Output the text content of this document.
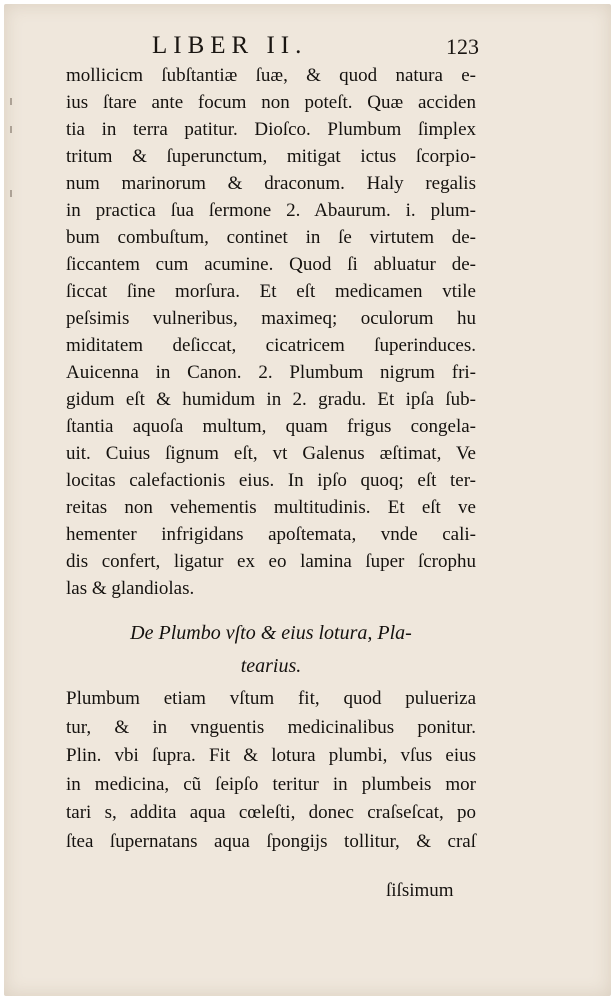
LIBER II.	123
mollicicm ſubſtantiæ ſuæ, & quod natura e-
ius ſtare ante focum non poteſt. Quæ acciden
tia in terra patitur. Dioſco. Plumbum ſimplex
tritum & ſuperunctum, mitigat ictus ſcorpio-
num marinorum & draconum. Haly regalis
in practica ſua ſermone 2. Abaurum. i. plum-
bum combuſtum, continet in ſe virtutem de-
ſiccantem cum acumine. Quod ſi abluatur de-
ſiccat ſine morſura. Et eſt medicamen vtile
peſsimis vulneribus, maximeq; oculorum hu
miditatem deſiccat, cicatricem ſuperinduces.
Auicenna in Canon. 2. Plumbum nigrum fri-
gidum eſt & humidum in 2. gradu. Et ipſa ſub-
ſtantia aquoſa multum, quam frigus congela-
uit. Cuius ſignum eſt, vt Galenus æſtimat, Ve
locitas calefactionis eius. In ipſo quoq; eſt ter-
reitas non vehementis multitudinis. Et eſt ve
hementer infrigidans apoſtemata, vnde cali-
dis confert, ligatur ex eo lamina ſuper ſcrophu
las & glandiolas.
De Plumbo vſto & eius lotura, Pla-
tearius.
Plumbum etiam vſtum fit, quod pulueriza
tur, & in vnguentis medicinalibus ponitur.
Plin. vbi ſupra. Fit & lotura plumbi, vſus eius
in medicina, cũ ſeipſo teritur in plumbeis mor
tari s, addita aqua cœleſti, donec craſseſcat, po
ſtea ſupernatans aqua ſpongijs tollitur, & craſ
ſiſsimum
